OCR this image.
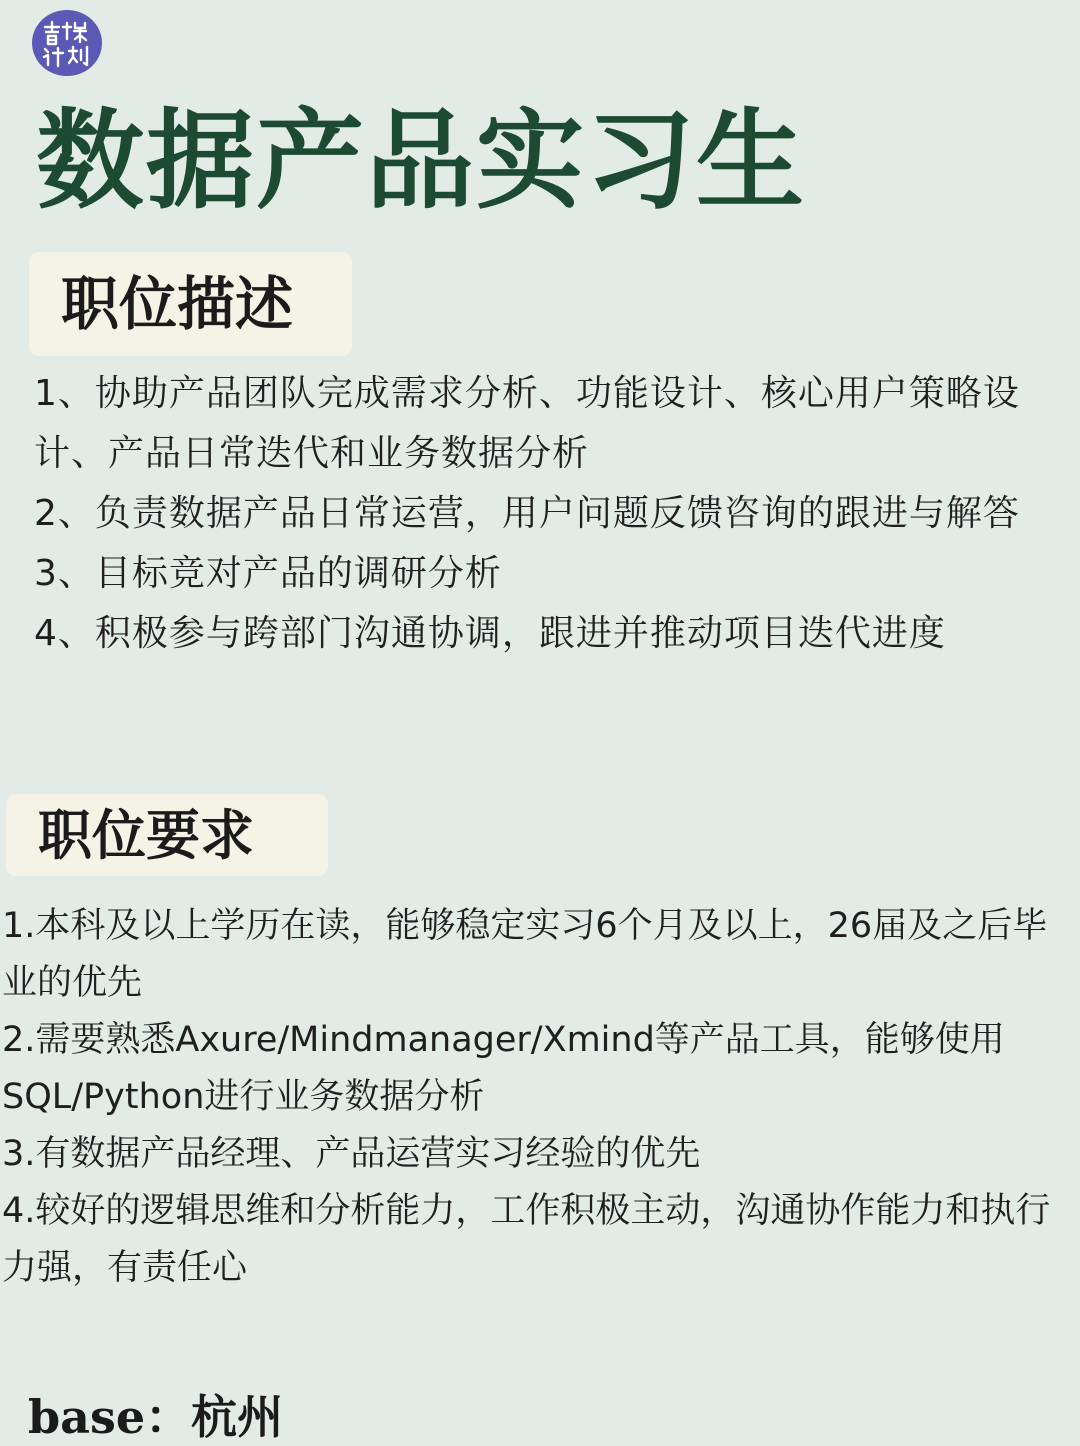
数据产品实习生
职位描述

1、协助产品团队完成需求分析、功能设计、核心用户策略设计、产品日常迭代和业务数据分析

2、负责数据产品日常运营，用户问题反馈咨询的跟进与解答

3、目标竞对产品的调研分析

4、积极参与跨部门沟通协调，跟进并推动项目迭代进度

职位要求

1.本科及以上学历在读，能够稳定实习6个月及以上，26届及之后毕业的优先

2.需要熟悉Axure/Mindmanager/Xmind等产品工具，能够使用SQL/Python进行业务数据分析

3.有数据产品经理、产品运营实习经验的优先

4.较好的逻辑思维和分析能力，工作积极主动，沟通协作能力和执行力强，有责任心

base：杭州
